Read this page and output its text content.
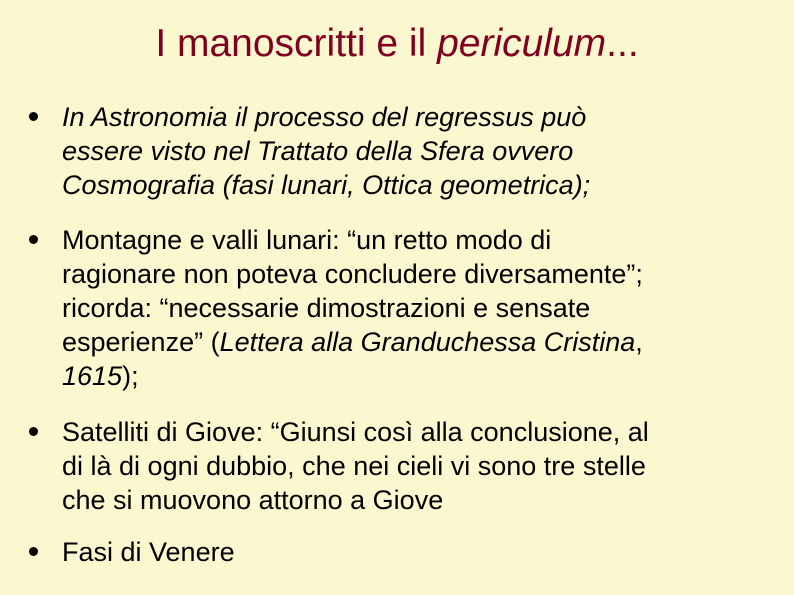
I manoscritti e il periculum...
In Astronomia il processo del regressus può
essere visto nel Trattato della Sfera ovvero
Cosmografia (fasi lunari, Ottica geometrica);
Montagne e valli lunari: “un retto modo di
ragionare non poteva concludere diversamente”;
ricorda: “necessarie dimostrazioni e sensate
esperienze” (Lettera alla Granduchessa Cristina,
1615);
Satelliti di Giove: “Giunsi così alla conclusione, al
di là di ogni dubbio, che nei cieli vi sono tre stelle
che si muovono attorno a Giove
Fasi di Venere
